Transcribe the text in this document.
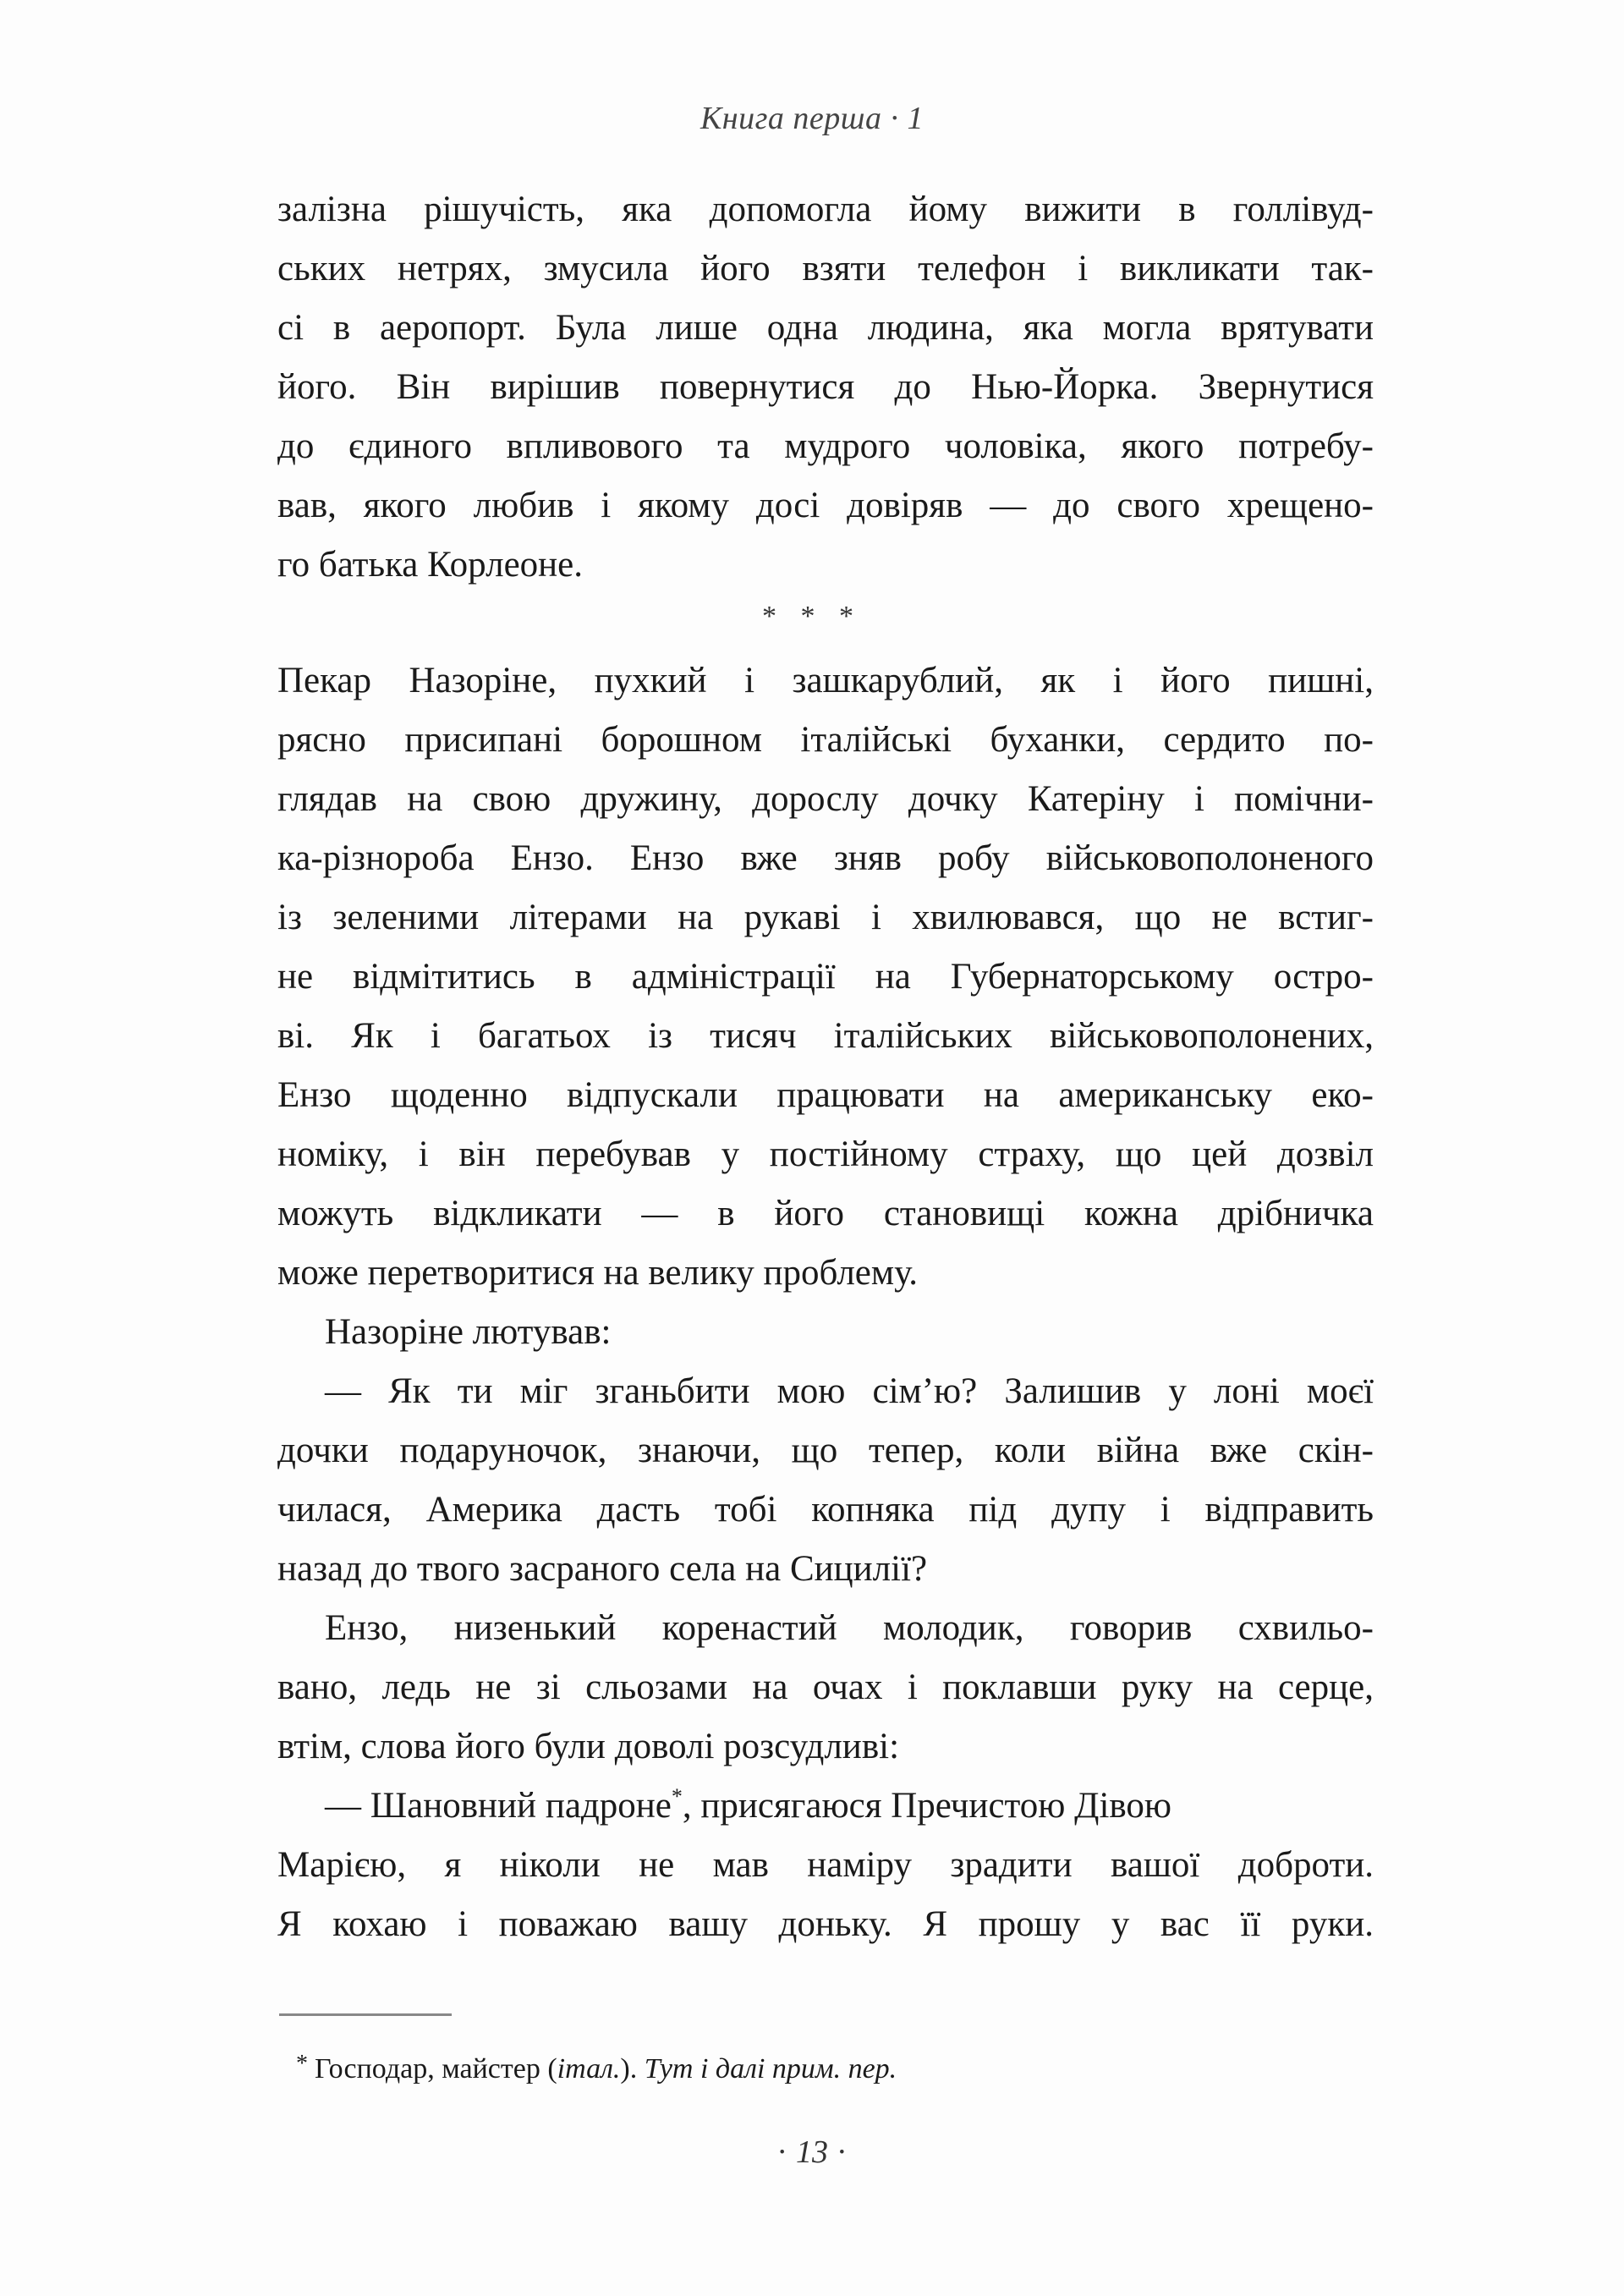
Книга перша · 1
залізна рішучість, яка допомогла йому вижити в голлівуд-
ських нетрях, змусила його взяти телефон і викликати так-
сі в аеропорт. Була лише одна людина, яка могла врятувати
його. Він вирішив повернутися до Нью-Йорка. Звернутися
до єдиного впливового та мудрого чоловіка, якого потребу-
вав, якого любив і якому досі довіряв — до свого хрещено-
го батька Корлеоне.
* * *
Пекар Назоріне, пухкий і зашкарублий, як і його пишні,
рясно присипані борошном італійські буханки, сердито по-
глядав на свою дружину, дорослу дочку Катеріну і помічни-
ка-різнороба Ензо. Ензо вже зняв робу військовополоненого
із зеленими літерами на рукаві і хвилювався, що не встиг-
не відмітитись в адміністрації на Губернаторському остро-
ві. Як і багатьох із тисяч італійських військовополонених,
Ензо щоденно відпускали працювати на американську еко-
номіку, і він перебував у постійному страху, що цей дозвіл
можуть відкликати — в його становищі кожна дрібничка
може перетворитися на велику проблему.
Назоріне лютував:
— Як ти міг зганьбити мою сім’ю? Залишив у лоні моєї
дочки подаруночок, знаючи, що тепер, коли війна вже скін-
чилася, Америка дасть тобі копняка під дупу і відправить
назад до твого засраного села на Сицилії?
Ензо, низенький коренастий молодик, говорив схвильо-
вано, ледь не зі сльозами на очах і поклавши руку на серце,
втім, слова його були доволі розсудливі:
— Шановний падроне*, присягаюся Пречистою Дівою
Марією, я ніколи не мав наміру зрадити вашої доброти.
Я кохаю і поважаю вашу доньку. Я прошу у вас її руки.
* Господар, майстер (італ.). Тут і далі прим. пер.
· 13 ·
